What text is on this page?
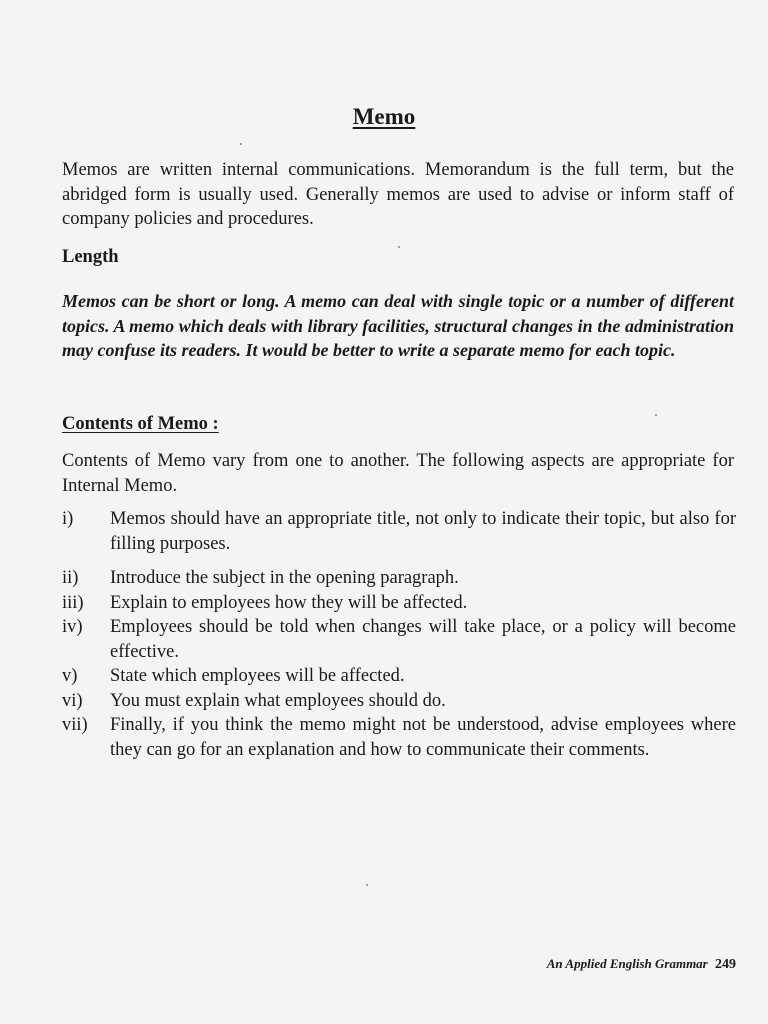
Memo

Memos are written internal communications. Memorandum is the full term, but the abridged form is usually used. Generally memos are used to advise or inform staff of company policies and procedures.

Length

Memos can be short or long. A memo can deal with single topic or a number of different topics. A memo which deals with library facilities, structural changes in the administration may confuse its readers. It would be better to write a separate memo for each topic.

Contents of Memo :

Contents of Memo vary from one to another. The following aspects are appropriate for Internal Memo.

i)	Memos should have an appropriate title, not only to indicate their topic, but also for filling purposes.
ii)	Introduce the subject in the opening paragraph.
iii)	Explain to employees how they will be affected.
iv)	Employees should be told when changes will take place, or a policy will become effective.
v)	State which employees will be affected.
vi)	You must explain what employees should do.
vii)	Finally, if you think the memo might not be understood, advise employees where they can go for an explanation and how to communicate their comments.
An Applied English Grammar 249
